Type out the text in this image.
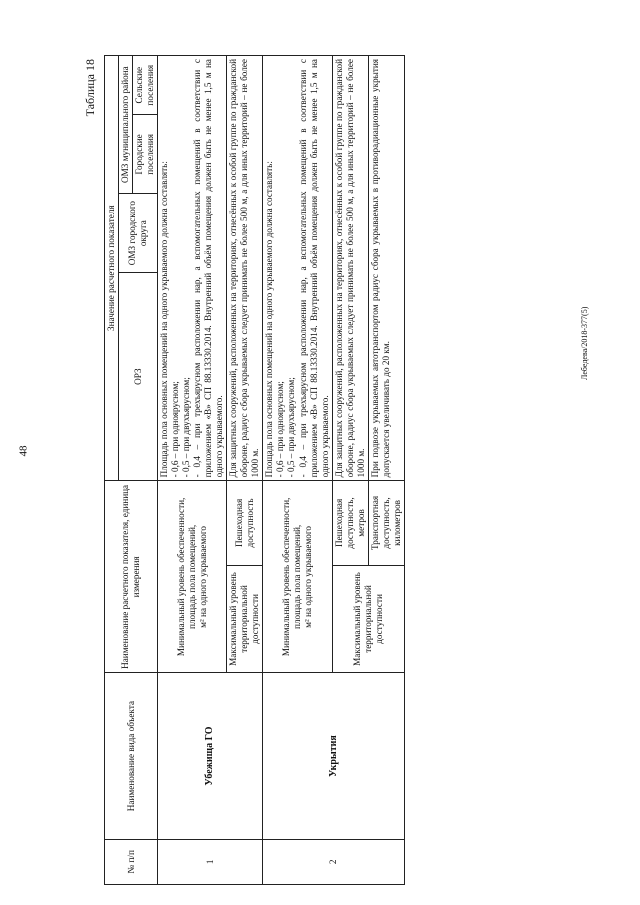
48
Лебедева/2018-377(5)
Таблица 18
№ п/п	Наименование вида объекта	Наименование расчетного показателя, единица измерения		Значение расчетного показателя			
				ОРЗ	ОМЗ городского округа	ОМЗ муниципального района	
						Городские поселения	Сельские поселения
1	Убежища ГО	Минимальный уровень обеспеченности, площадь пола помещений, м² на одного укрываемого		Площадь пола основных помещений на одного укрываемого должна составлять: - 0,6 – при одноярусном; - 0,5 – при двухъярусном; - 0,4 – при трехъярусном расположении нар, а вспомогательных помещений в соответствии с приложением «В» СП 88.13330.2014. Внутренний объём помещения должен быть не менее 1,5 м на одного укрываемого.			

		Максимальный уровень территориальной доступности	Пешеходная доступность	Для защитных сооружений, расположенных на территориях, отнесённых к особой группе по гражданской обороне, радиус сбора укрываемых следует принимать не более 500 м, а для иных территорий – не более 1000 м.			
2	Укрытия	Минимальный уровень обеспеченности, площадь пола помещений, м² на одного укрываемого		Площадь пола основных помещений на одного укрываемого должна составлять: - 0,6 – при одноярусном; - 0,5 – при двухъярусном; - 0,4 – при трехъярусном расположении нар, а вспомогательных помещений в соответствии с приложением «В» СП 88.13330.2014. Внутренний объём помещения должен быть не менее 1,5 м на одного укрываемого.			

		Максимальный уровень территориальной доступности	Пешеходная доступность, метров	Для защитных сооружений, расположенных на территориях, отнесённых к особой группе по гражданской обороне, радиус сбора укрываемых следует принимать не более 500 м, а для иных территорий – не более 1000 м.			
			Транспортная доступность, километров	При подвозе укрываемых автотранспортом радиус сбора укрываемых в противорадиационные укрытия допускается увеличивать до 20 км.			
